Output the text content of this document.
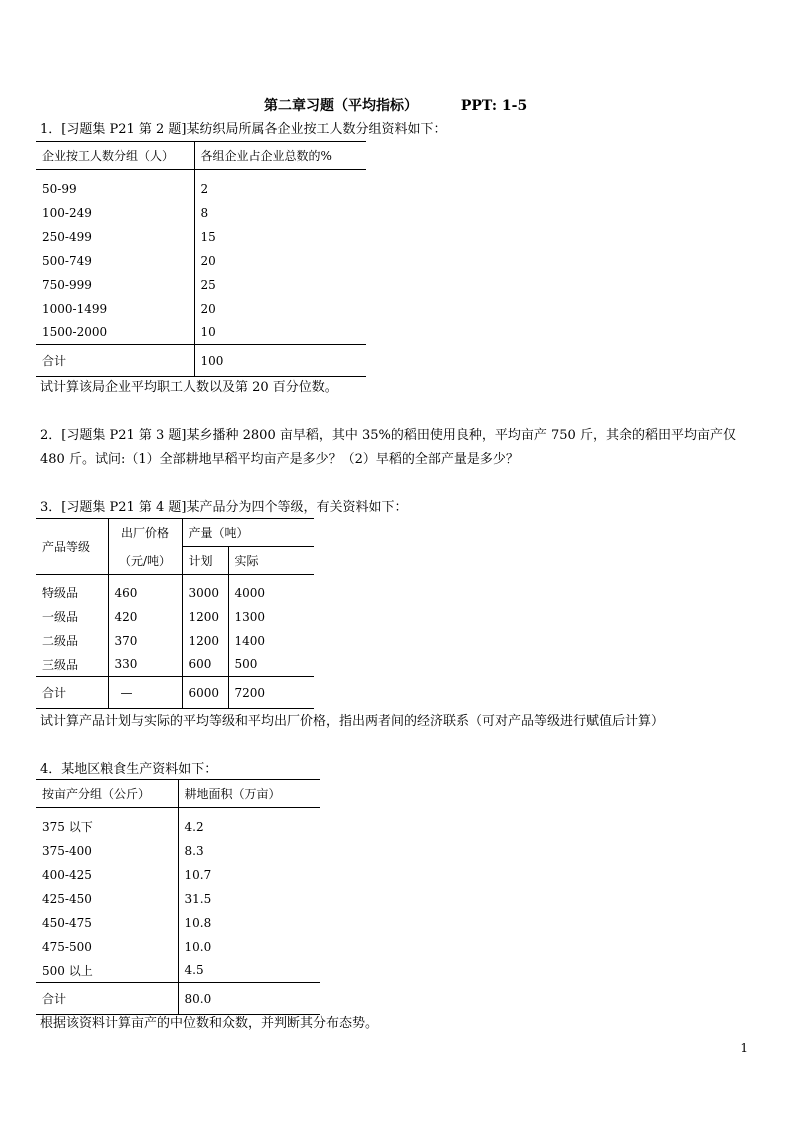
第二章习题（平均指标）	PPT: 1-5
1．[习题集 P21 第 2 题]某纺织局所属各企业按工人数分组资料如下：
企业按工人数分组（人）	各组企业占企业总数的%

50-99	2
100-249	8
250-499	15
500-749	20
750-999	25
1000-1499	20
1500-2000	10
合计	100
试计算该局企业平均职工人数以及第 20 百分位数。
2．[习题集 P21 第 3 题]某乡播种 2800 亩早稻，其中 35%的稻田使用良种，平均亩产 750 斤，其余的稻田平均亩产仅
480 斤。试问:（1）全部耕地早稻平均亩产是多少？（2）早稻的全部产量是多少？
3．[习题集 P21 第 4 题]某产品分为四个等级，有关资料如下：
产品等级	出厂价格	产量（吨）	
	（元/吨）	计划	实际

特级品	460	3000	4000
一级品	420	1200	1300
二级品	370	1200	1400
三级品	330	600	500
合计	—	6000	7200
试计算产品计划与实际的平均等级和平均出厂价格，指出两者间的经济联系（可对产品等级进行赋值后计算）
4．某地区粮食生产资料如下：
按亩产分组（公斤）	耕地面积（万亩）

375 以下	4.2
375-400	8.3
400-425	10.7
425-450	31.5
450-475	10.8
475-500	10.0
500 以上	4.5
合计	80.0
根据该资料计算亩产的中位数和众数，并判断其分布态势。
1
